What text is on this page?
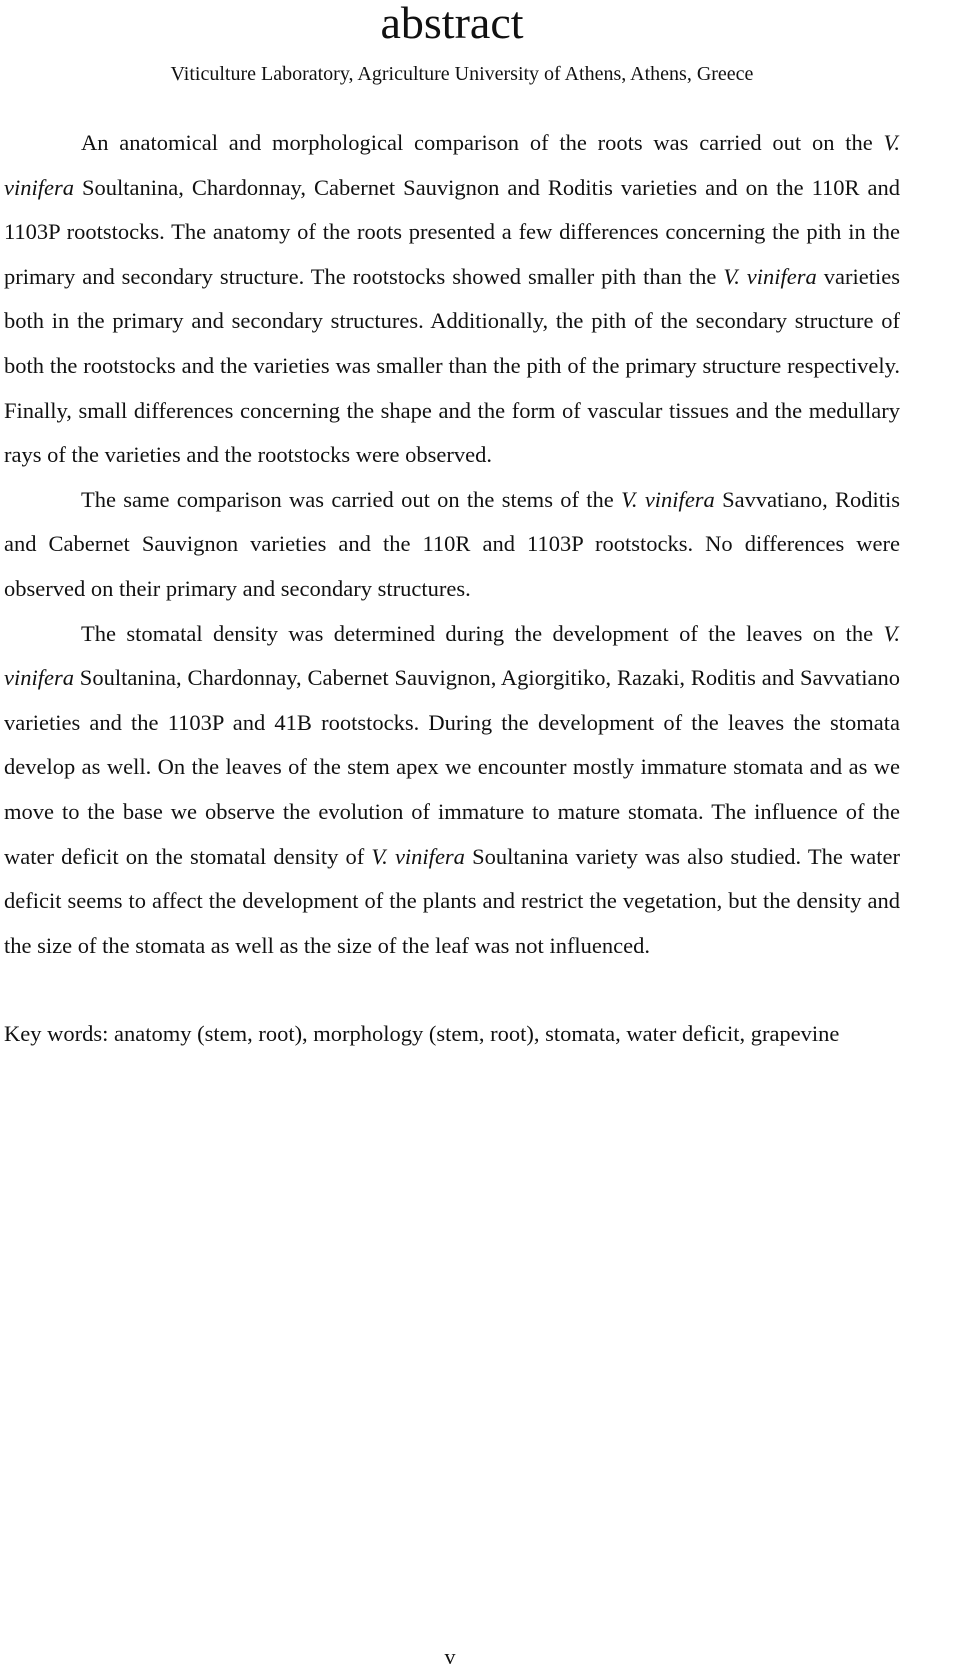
abstract
Viticulture Laboratory, Agriculture University of Athens, Athens, Greece

An anatomical and morphological comparison of the roots was carried out on the V. vinifera Soultanina, Chardonnay, Cabernet Sauvignon and Roditis varieties and on the 110R and 1103P rootstocks. The anatomy of the roots presented a few differences concerning the pith in the primary and secondary structure. The rootstocks showed smaller pith than the V. vinifera varieties both in the primary and secondary structures. Additionally, the pith of the secondary structure of both the rootstocks and the varieties was smaller than the pith of the primary structure respectively. Finally, small differences concerning the shape and the form of vascular tissues and the medullary rays of the varieties and the rootstocks were observed.

The same comparison was carried out on the stems of the V. vinifera Savvatiano, Roditis and Cabernet Sauvignon varieties and the 110R and 1103P rootstocks. No differences were observed on their primary and secondary structures.

The stomatal density was determined during the development of the leaves on the V. vinifera Soultanina, Chardonnay, Cabernet Sauvignon, Agiorgitiko, Razaki, Roditis and Savvatiano varieties and the 1103P and 41B rootstocks. During the development of the leaves the stomata develop as well. On the leaves of the stem apex we encounter mostly immature stomata and as we move to the base we observe the evolution of immature to mature stomata. The influence of the water deficit on the stomatal density of V. vinifera Soultanina variety was also studied. The water deficit seems to affect the development of the plants and restrict the vegetation, but the density and the size of the stomata as well as the size of the leaf was not influenced.

Key words: anatomy (stem, root), morphology (stem, root), stomata, water deficit, grapevine

v
